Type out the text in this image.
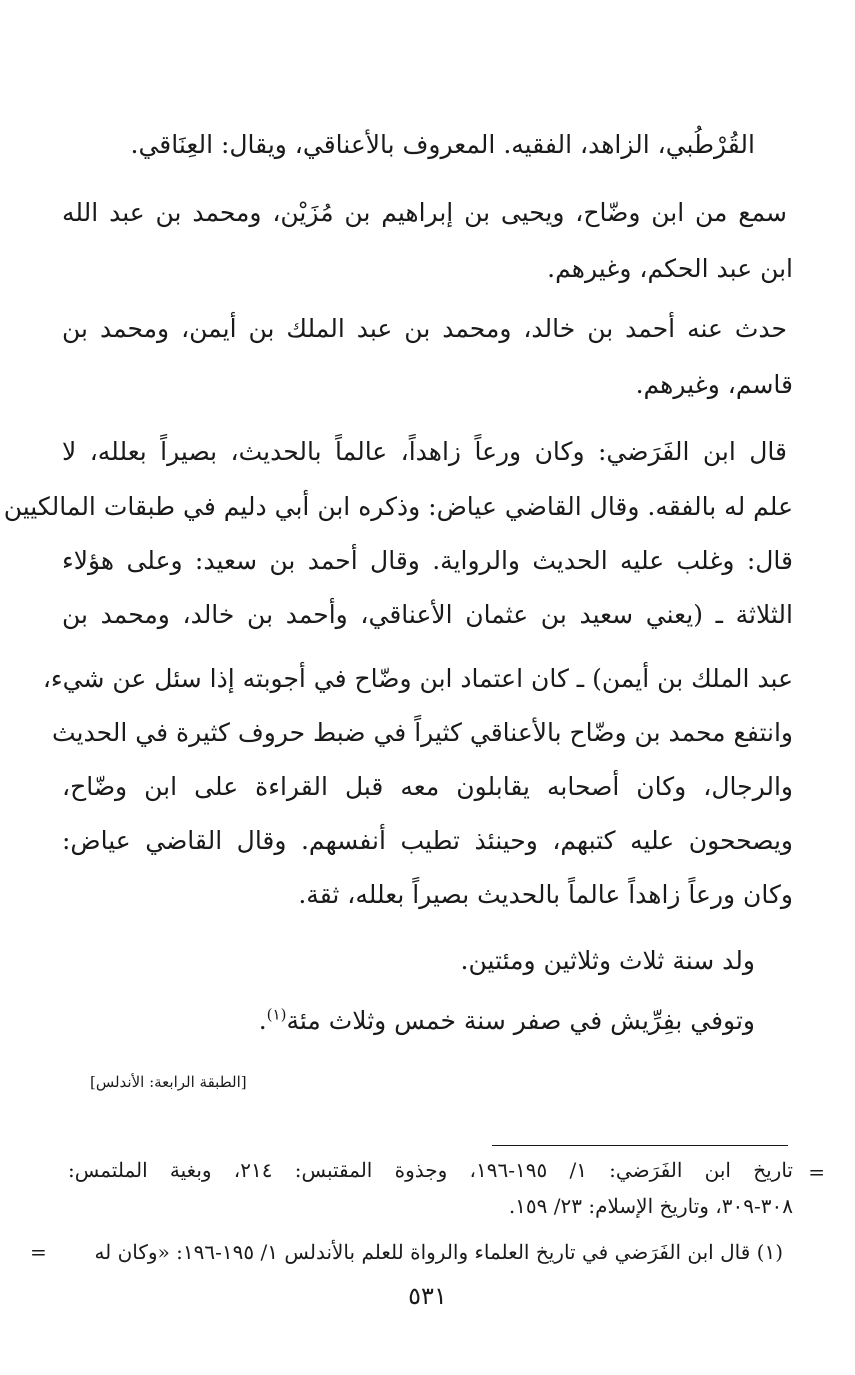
القُرْطُبي، الزاهد، الفقيه. المعروف بالأعناقي، ويقال: العِنَاقي.
سمع من ابن وضّاح، ويحيى بن إبراهيم بن مُزَيْن، ومحمد بن عبد الله
ابن عبد الحكم، وغيرهم.
حدث عنه أحمد بن خالد، ومحمد بن عبد الملك بن أيمن، ومحمد بن
قاسم، وغيرهم.
قال ابن الفَرَضي: وكان ورعاً زاهداً، عالماً بالحديث، بصيراً بعلله، لا
علم له بالفقه. وقال القاضي عياض: وذكره ابن أبي دليم في طبقات المالكيين
قال: وغلب عليه الحديث والرواية. وقال أحمد بن سعيد: وعلى هؤلاء
الثلاثة ـ (يعني سعيد بن عثمان الأعناقي، وأحمد بن خالد، ومحمد بن
عبد الملك بن أيمن) ـ كان اعتماد ابن وضّاح في أجوبته إذا سئل عن شيء،
وانتفع محمد بن وضّاح بالأعناقي كثيراً في ضبط حروف كثيرة في الحديث
والرجال، وكان أصحابه يقابلون معه قبل القراءة على ابن وضّاح،
ويصححون عليه كتبهم، وحينئذ تطيب أنفسهم. وقال القاضي عياض:
وكان ورعاً زاهداً عالماً بالحديث بصيراً بعلله، ثقة.
ولد سنة ثلاث وثلاثين ومئتين.
وتوفي بفِرِّيش في صفر سنة خمس وثلاث مئة$^{(١)}$.
[الطبقة الرابعة: الأندلس]
=
تاريخ ابن الفَرَضي: ١/ ١٩٥-١٩٦، وجذوة المقتبس: ٢١٤، وبغية الملتمس:
٣٠٨-٣٠٩، وتاريخ الإسلام: ٢٣/ ١٥٩.
(١) قال ابن الفَرَضي في تاريخ العلماء والرواة للعلم بالأندلس ١/ ١٩٥-١٩٦: «وكان له
=
٥٣١
